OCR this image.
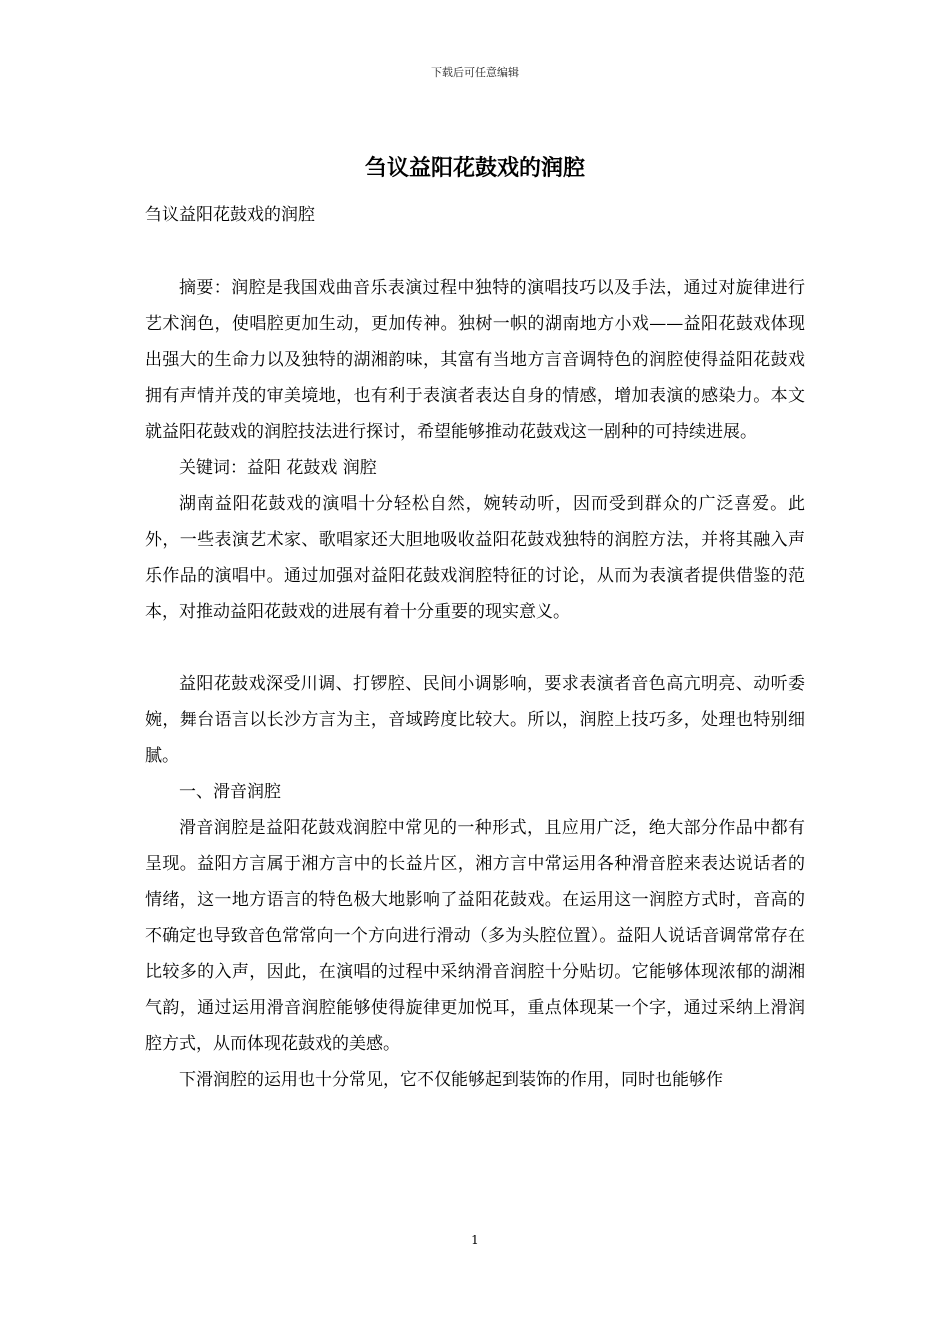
下载后可任意编辑
刍议益阳花鼓戏的润腔
刍议益阳花鼓戏的润腔

摘要：润腔是我国戏曲音乐表演过程中独特的演唱技巧以及手法，通过对旋律进行艺术润色，使唱腔更加生动，更加传神。独树一帜的湖南地方小戏——益阳花鼓戏体现出强大的生命力以及独特的湖湘韵味，其富有当地方言音调特色的润腔使得益阳花鼓戏拥有声情并茂的审美境地，也有利于表演者表达自身的情感，增加表演的感染力。本文就益阳花鼓戏的润腔技法进行探讨，希望能够推动花鼓戏这一剧种的可持续进展。

关键词：益阳 花鼓戏 润腔

湖南益阳花鼓戏的演唱十分轻松自然，婉转动听，因而受到群众的广泛喜爱。此外，一些表演艺术家、歌唱家还大胆地吸收益阳花鼓戏独特的润腔方法，并将其融入声乐作品的演唱中。通过加强对益阳花鼓戏润腔特征的讨论，从而为表演者提供借鉴的范本，对推动益阳花鼓戏的进展有着十分重要的现实意义。

益阳花鼓戏深受川调、打锣腔、民间小调影响，要求表演者音色高亢明亮、动听委婉，舞台语言以长沙方言为主，音域跨度比较大。所以，润腔上技巧多，处理也特别细腻。

一、滑音润腔

滑音润腔是益阳花鼓戏润腔中常见的一种形式，且应用广泛，绝大部分作品中都有呈现。益阳方言属于湘方言中的长益片区，湘方言中常运用各种滑音腔来表达说话者的情绪，这一地方语言的特色极大地影响了益阳花鼓戏。在运用这一润腔方式时，音高的不确定也导致音色常常向一个方向进行滑动（多为头腔位置）。益阳人说话音调常常存在比较多的入声，因此，在演唱的过程中采纳滑音润腔十分贴切。它能够体现浓郁的湖湘气韵，通过运用滑音润腔能够使得旋律更加悦耳，重点体现某一个字，通过采纳上滑润腔方式，从而体现花鼓戏的美感。

下滑润腔的运用也十分常见，它不仅能够起到装饰的作用，同时也能够作

1
